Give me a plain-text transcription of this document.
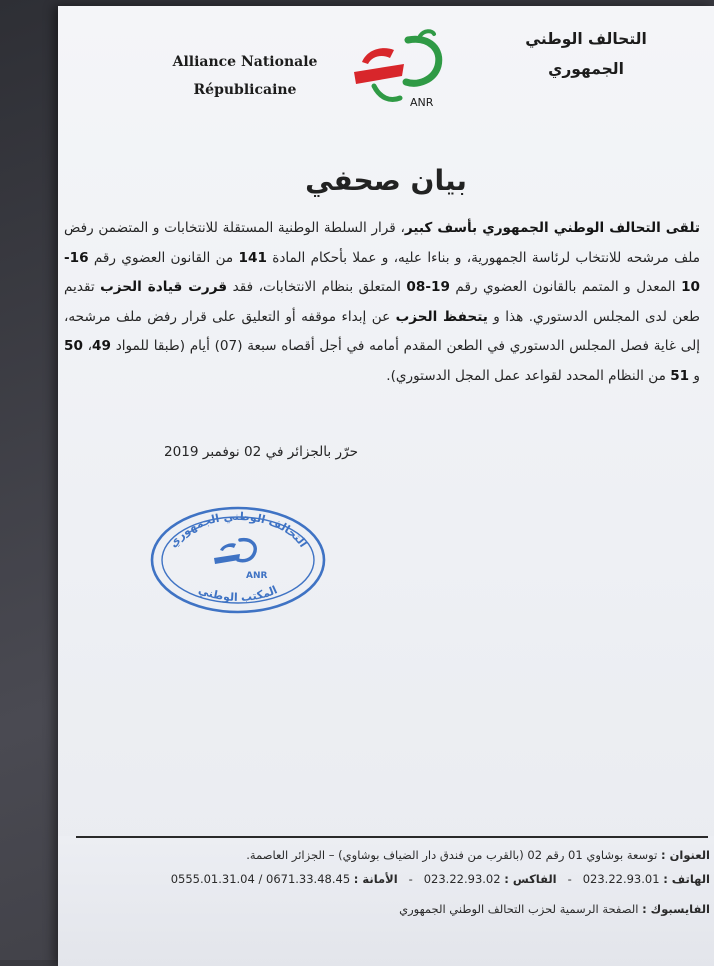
Alliance Nationale
Républicaine
ANR
التحالف الوطني
الجمهوري
بيان صحفي
تلقى التحالف الوطني الجمهوري بأسف كبير، قرار السلطة الوطنية المستقلة للانتخابات و المتضمن رفض ملف مرشحه للانتخاب لرئاسة الجمهورية، و بناءا عليه، و عملا بأحكام المادة 141 من القانون العضوي رقم 16-10 المعدل و المتمم بالقانون العضوي رقم 19-08 المتعلق بنظام الانتخابات، فقد قررت قيادة الحزب تقديم طعن لدى المجلس الدستوري. هذا و يتحفظ الحزب عن إبداء موقفه أو التعليق على قرار رفض ملف مرشحه، إلى غاية فصل المجلس الدستوري في الطعن المقدم أمامه في أجل أقصاه سبعة (07) أيام (طبقا للمواد 49، 50 و 51 من النظام المحدد لقواعد عمل المجل الدستوري).
حرّر بالجزائر في 02 نوفمبر 2019
التحالف الوطني الجمهوري
المكتب الوطني
ANR
العنوان : توسعة بوشاوي 01 رقم 02 (بالقرب من فندق دار الضياف بوشاوي) – الجزائر العاصمة.
الهاتف : 023.22.93.01   -   الفاكس : 023.22.93.02   -   الأمانة : 0555.01.31.04 / 0671.33.48.45
الفايسبوك : الصفحة الرسمية لحزب التحالف الوطني الجمهوري
